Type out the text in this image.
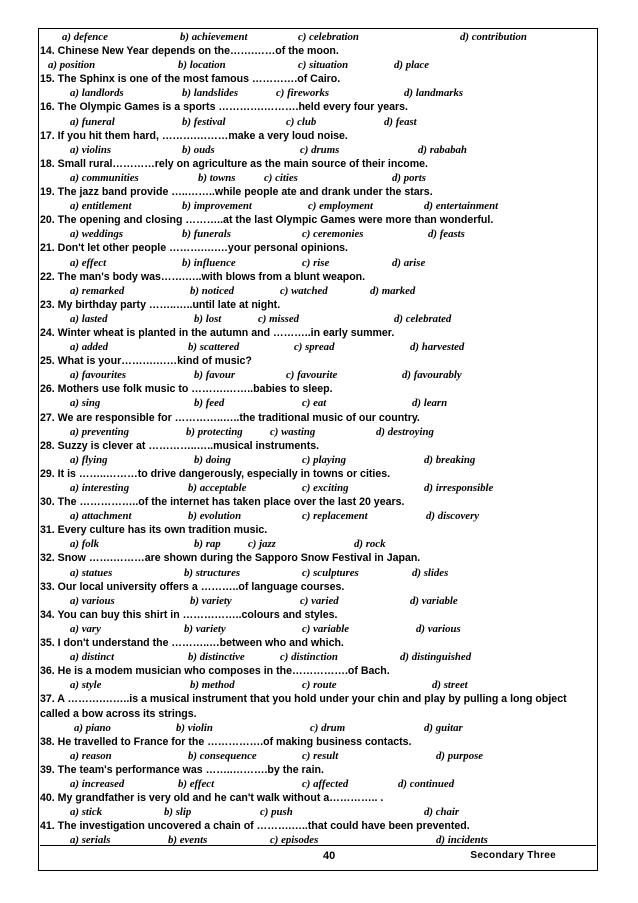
a) defence	b) achievement	c) celebration	d) contribution
14. Chinese New Year depends on the…….……of the moon.
a) position	b) location	c) situation	d) place
15. The Sphinx is one of the most famous ………….of Cairo.
a) landlords	b) landslides	c) fireworks	d) landmarks
16. The Olympic Games is a sports ………….……….held every four years.
a) funeral	b) festival	c) club	d) feast
17. If you hit them hard, ……….………make a very loud noise.
a) violins	b) ouds	c) drums	d) rababah
18. Small rural…………rely on agriculture as the main source of their income.
a) communities	b) towns	c) cities	d) ports
19. The jazz band provide …..……..while people ate and drank under the stars.
a) entitlement	b) improvement	c) employment	d) entertainment
20. The opening and closing ………..at the last Olympic Games were more than wonderful.
a) weddings	b) funerals	c) ceremonies	d) feasts
21. Don't let other people ……….….…your personal opinions.
a) effect	b) influence	c) rise	d) arise
22. The man's body was…….…..with blows from a blunt weapon.
a) remarked	b) noticed	c) watched	d) marked
23. My birthday party ……..…..until late at night.
a) lasted	b) lost	c) missed	d) celebrated
24. Winter wheat is planted in the autumn and ………..in early summer.
a) added	b) scattered	c) spread	d) harvested
25. What is your……….……kind of music?
a) favourites	b) favour	c) favourite	d) favourably
26. Mothers use folk music to ……….……..babies to sleep.
a) sing	b) feed	c) eat	d) learn
27. We are responsible for …………..…..the traditional music of our country.
a) preventing	b) protecting	c) wasting	d) destroying
28. Suzzy is clever at …………..…..musical instruments.
a) flying	b) doing	c) playing	d) breaking
29. It is ……..………to drive dangerously, especially in towns or cities.
a) interesting	b) acceptable	c) exciting	d) irresponsible
30. The ……………..of the internet has taken place over the last 20 years.
a) attachment	b) evolution	c) replacement	d) discovery
31. Every culture has its own tradition music.
a) folk	b) rap	c) jazz	d) rock
32. Snow …….………are shown during the Sapporo Snow Festival in Japan.
a) statues	b) structures	c) sculptures	d) slides
33. Our local university offers a ………..of language courses.
a) various	b) variety	c) varied	d) variable
34. You can buy this shirt in ……………..colours and styles.
a) vary	b) variety	c) variable	d) various
35. I don't understand the ………..…between who and which.
a) distinct	b) distinctive	c) distinction	d) distinguished
36. He is a modem musician who composes in the…………….of Bach.
a) style	b) method	c) route	d) street
37. A ……….……..is a musical instrument that you hold under your chin and play by pulling a long object called a bow across its strings.
a) piano	b) violin	c) drum	d) guitar
38. He travelled to France for the …………….of making business contacts.
a) reason	b) consequence	c) result	d) purpose
39. The team's performance was ……..……….by the rain.
a) increased	b) effect	c) affected	d) continued
40. My grandfather is very old and he can't walk without a………….. .
a) stick	b) slip	c) push	d) chair
41. The investigation uncovered a chain of ……….…..that could have been prevented.
a) serials	b) events	c) episodes	d) incidents
40	Secondary Three
